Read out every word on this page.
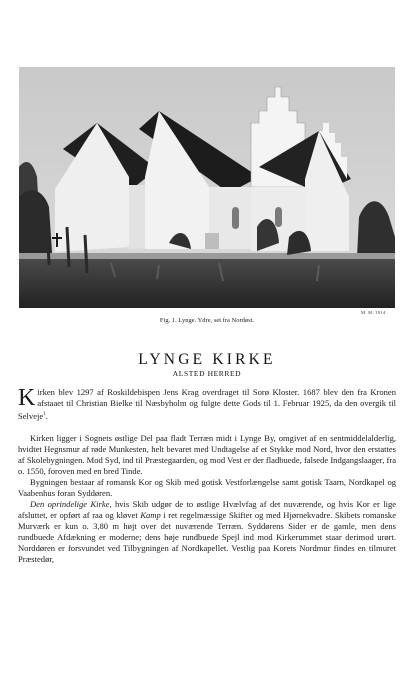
M. M. 1914
Fig. 1. Lynge. Ydre, set fra Nordøst.
LYNGE KIRKE
ALSTED HERRED

Kirken blev 1297 af Roskildebispen Jens Krag overdraget til Sorø Kloster. 1687 blev den fra Kronen afstaaet til Christian Bielke til Næsbyholm og fulgte dette Gods til 1. Februar 1925, da den overgik til Selveje$^1$.

Kirken ligger i Sognets østlige Del paa fladt Terræn midt i Lynge By, omgivet af en sentmiddelalderlig, hvidtet Hegnsmur af røde Munkesten, helt bevaret med Undtagelse af et Stykke mod Nord, hvor den erstattes af Skolebygningen. Mod Syd, ind til Præstegaarden, og mod Vest er der fladbuede, falsede Indgangslaager, fra o. 1550, foroven med en bred Tinde.

Bygningen bestaar af romansk Kor og Skib med gotisk Vestforlængelse samt gotisk Taarn, Nordkapel og Vaabenhus foran Syddøren.

Den oprindelige Kirke, hvis Skib udgør de to østlige Hvælvfag af det nuværende, og hvis Kor er lige afsluttet, er opført af raa og kløvet Kamp i ret regelmæssige Skifter og med Hjørnekvadre. Skibets romanske Murværk er kun o. 3,80 m højt over det nuværende Terræn. Syddørens Sider er de gamle, men dens rundbuede Afdækning er moderne; dens høje rundbuede Spejl ind mod Kirkerummet staar derimod urørt. Norddøren er forsvundet ved Tilbygningen af Nordkapellet. Vestlig paa Korets Nordmur findes en tilmuret Præstedør,
